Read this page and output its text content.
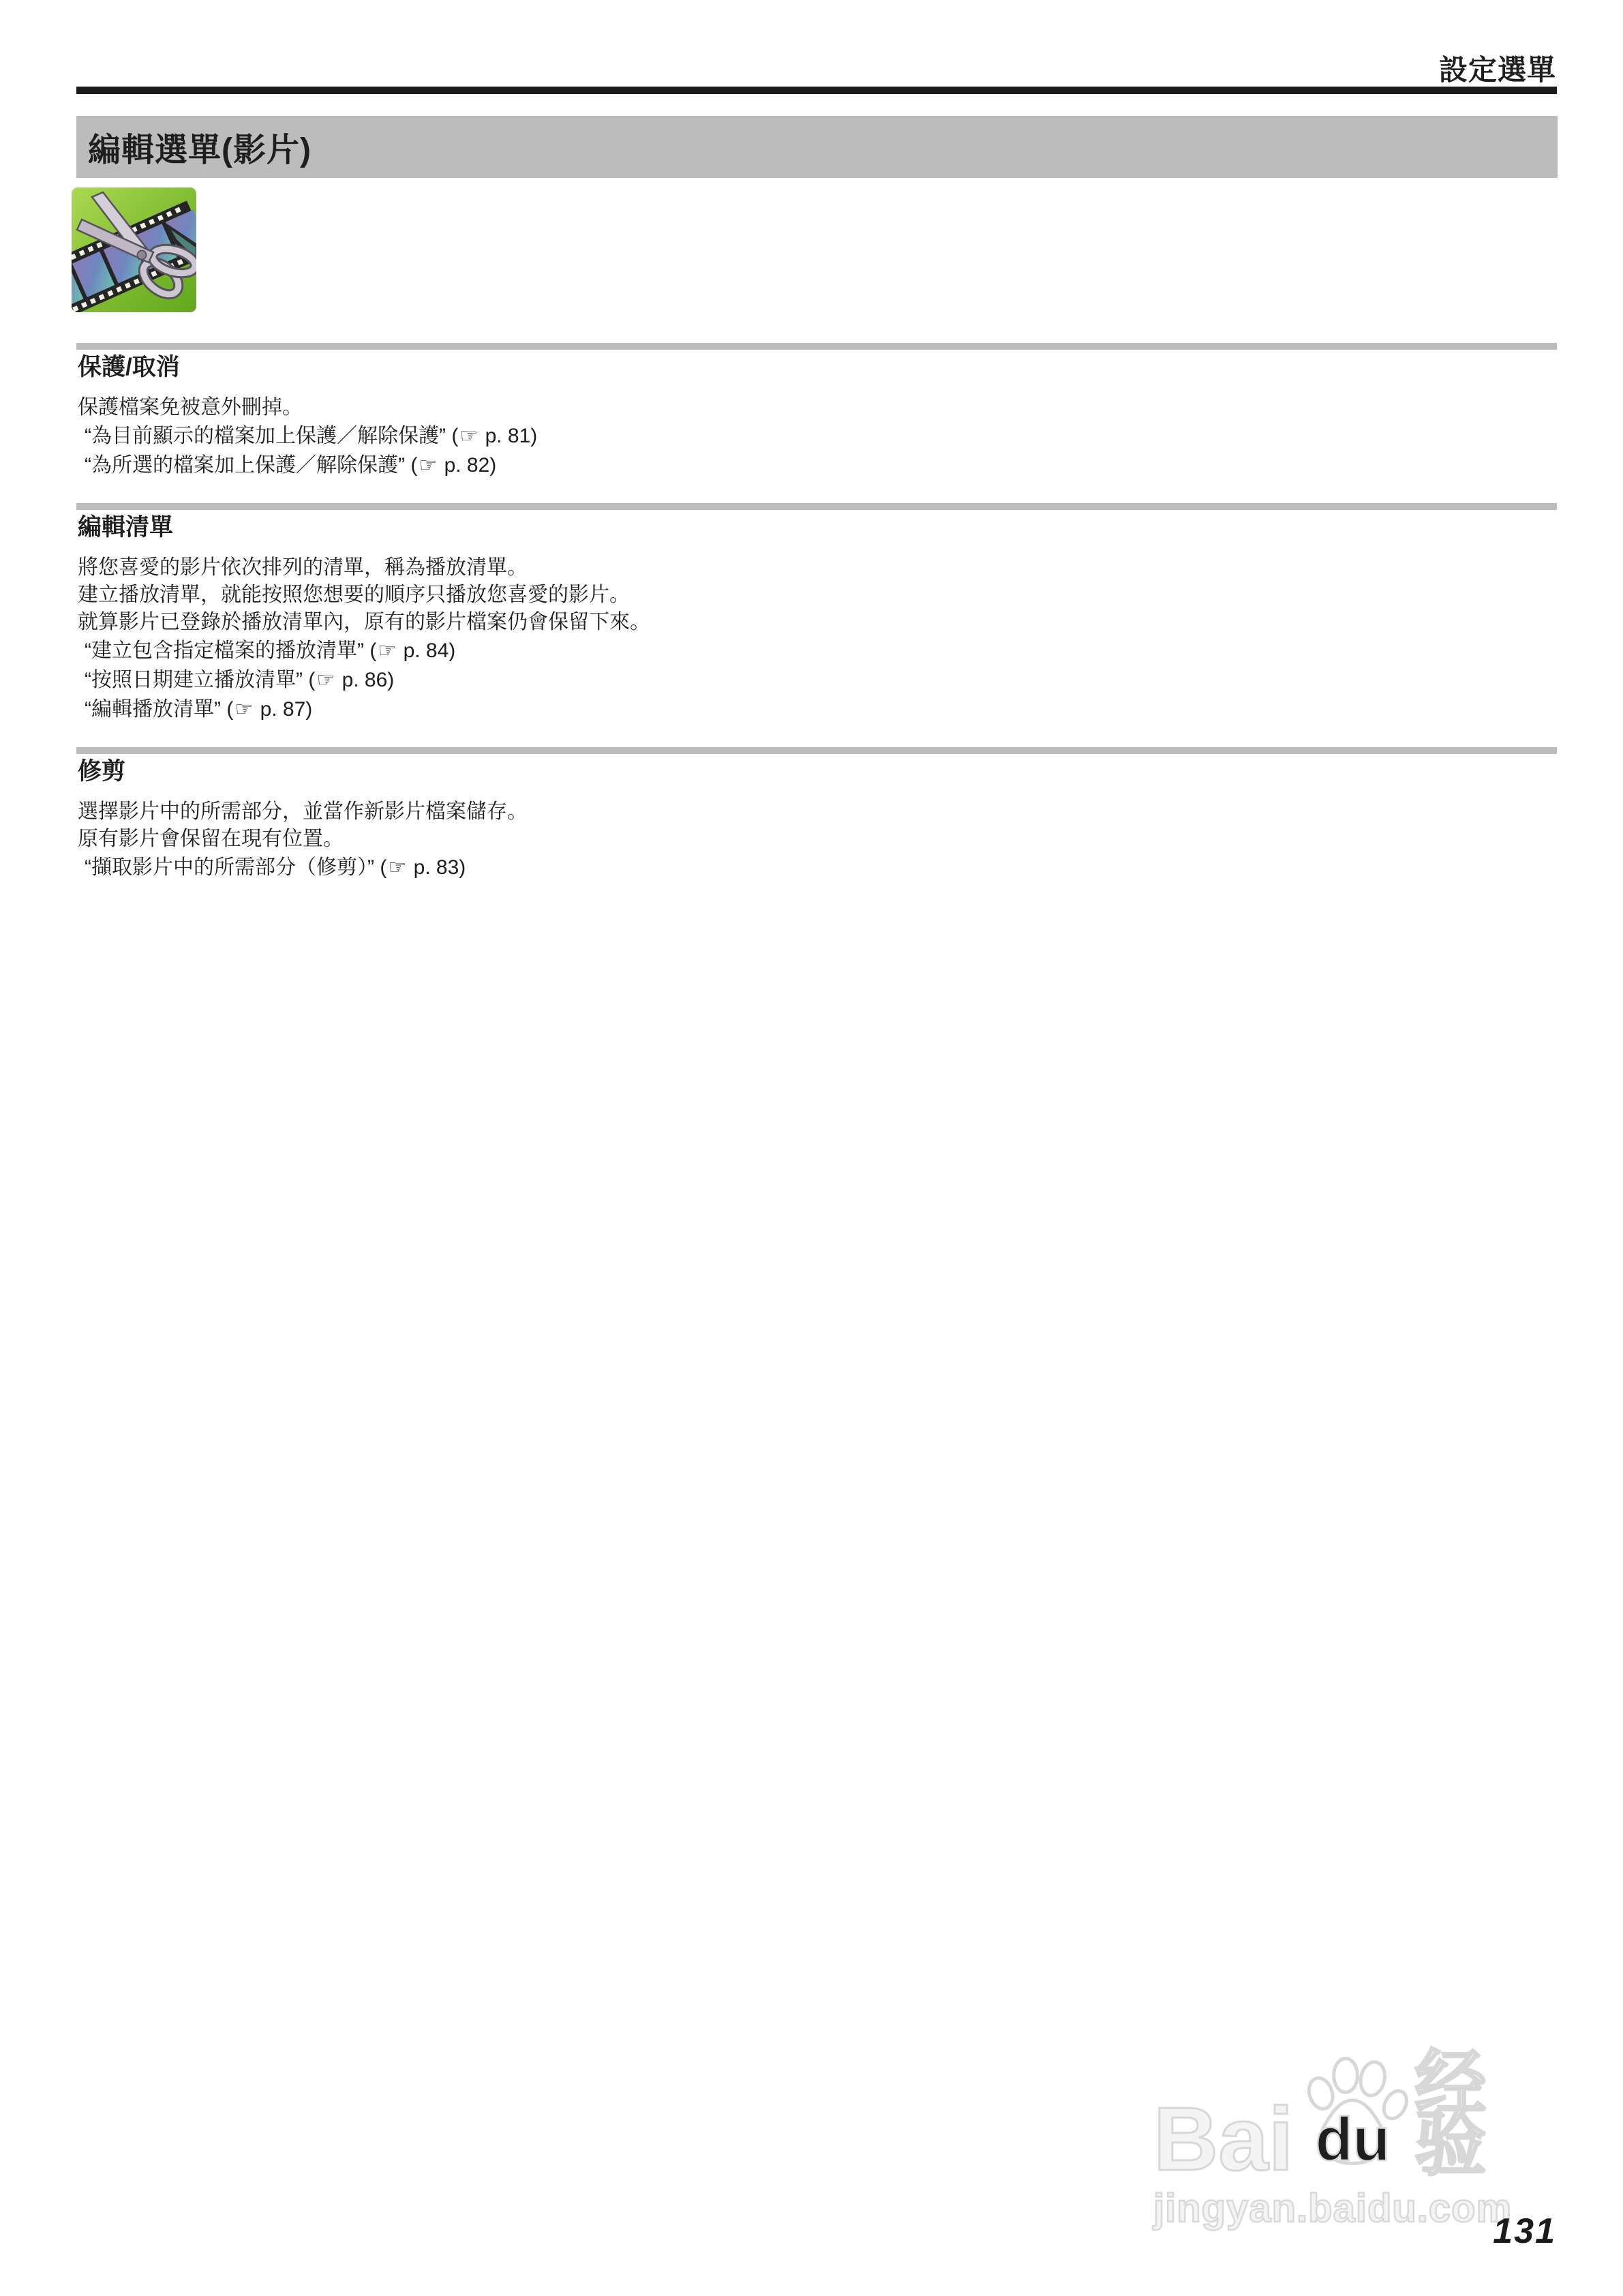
設定選單
編輯選單(影片)
保護/取消

保護檔案免被意外刪掉。

“為目前顯示的檔案加上保護／解除保護” (☞ p. 81)

“為所選的檔案加上保護／解除保護” (☞ p. 82)

編輯清單

將您喜愛的影片依次排列的清單，稱為播放清單。

建立播放清單，就能按照您想要的順序只播放您喜愛的影片。

就算影片已登錄於播放清單內，原有的影片檔案仍會保留下來。

“建立包含指定檔案的播放清單” (☞ p. 84)

“按照日期建立播放清單” (☞ p. 86)

“編輯播放清單” (☞ p. 87)

修剪

選擇影片中的所需部分，並當作新影片檔案儲存。

原有影片會保留在現有位置。

“擷取影片中的所需部分（修剪）” (☞ p. 83)

Bai du
经验
jingyan.baidu.com
131
